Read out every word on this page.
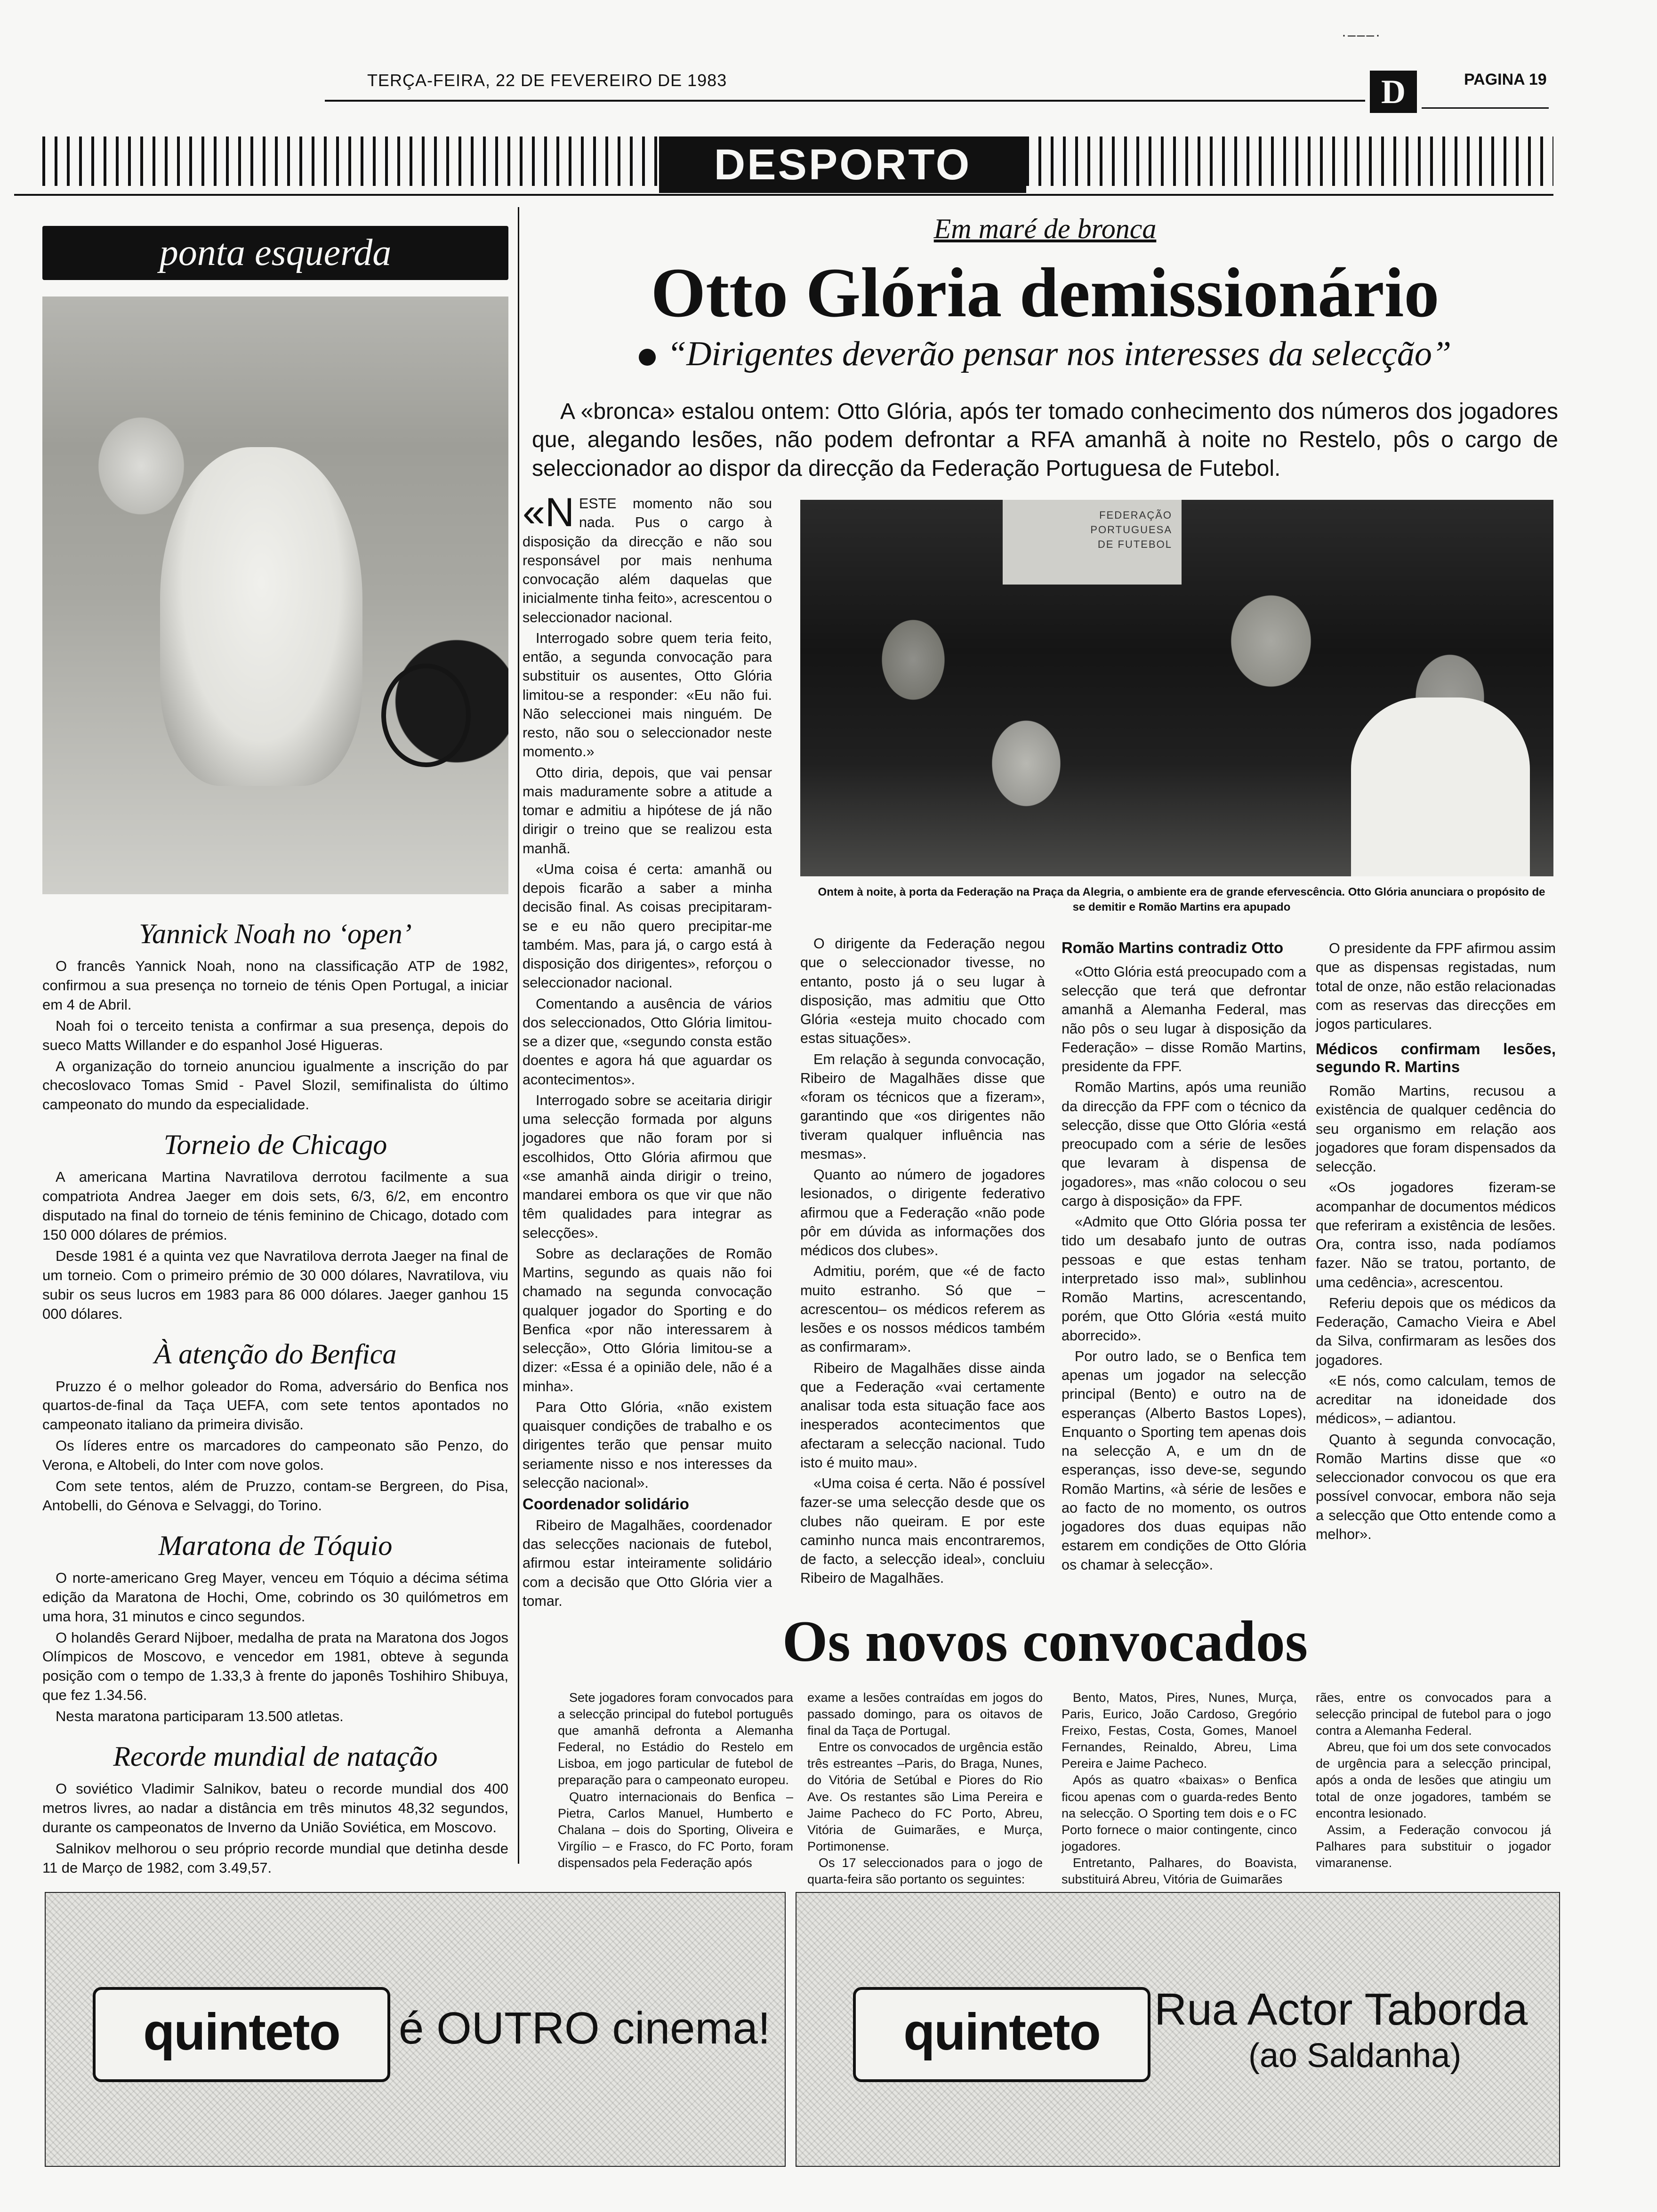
·‒‒‒·
TERÇA-FEIRA, 22 DE FEVEREIRO DE 1983	D	PAGINA 19
DESPORTO
ponta esquerda
Yannick Noah no ‘open’

O francês Yannick Noah, nono na classificação ATP de 1982, confirmou a sua presença no torneio de ténis Open Portugal, a iniciar em 4 de Abril.

Noah foi o terceito tenista a confirmar a sua presença, depois do sueco Matts Willander e do espanhol José Higueras.

A organização do torneio anunciou igualmente a inscrição do par checoslovaco Tomas Smid - Pavel Slozil, semifinalista do último campeonato do mundo da especialidade.

Torneio de Chicago

A americana Martina Navratilova derrotou facilmente a sua compatriota Andrea Jaeger em dois sets, 6/3, 6/2, em encontro disputado na final do torneio de ténis feminino de Chicago, dotado com 150 000 dólares de prémios.

Desde 1981 é a quinta vez que Navratilova derrota Jaeger na final de um torneio. Com o primeiro prémio de 30 000 dólares, Navratilova, viu subir os seus lucros em 1983 para 86 000 dólares. Jaeger ganhou 15 000 dólares.

À atenção do Benfica

Pruzzo é o melhor goleador do Roma, adversário do Benfica nos quartos-de-final da Taça UEFA, com sete tentos apontados no campeonato italiano da primeira divisão.

Os líderes entre os marcadores do campeonato são Penzo, do Verona, e Altobeli, do Inter com nove golos.

Com sete tentos, além de Pruzzo, contam-se Bergreen, do Pisa, Antobelli, do Génova e Selvaggi, do Torino.

Maratona de Tóquio

O norte-americano Greg Mayer, venceu em Tóquio a décima sétima edição da Maratona de Hochi, Ome, cobrindo os 30 quilómetros em uma hora, 31 minutos e cinco segundos.

O holandês Gerard Nijboer, medalha de prata na Maratona dos Jogos Olímpicos de Moscovo, e vencedor em 1981, obteve à segunda posição com o tempo de 1.33,3 à frente do japonês Toshihiro Shibuya, que fez 1.34.56.

Nesta maratona participaram 13.500 atletas.

Recorde mundial de natação

O soviético Vladimir Salnikov, bateu o recorde mundial dos 400 metros livres, ao nadar a distância em três minutos 48,32 segundos, durante os campeonatos de Inverno da União Soviética, em Moscovo.

Salnikov melhorou o seu próprio recorde mundial que detinha desde 11 de Março de 1982, com 3.49,57.

Em maré de bronca
Otto Glória demissionário
“Dirigentes deverão pensar nos interesses da selecção”
A «bronca» estalou ontem: Otto Glória, após ter tomado conhecimento dos números dos jogadores que, alegando lesões, não podem defrontar a RFA amanhã à noite no Restelo, pôs o cargo de seleccionador ao dispor da direcção da Federação Portuguesa de Futebol.
«N ESTE momento não sou nada. Pus o cargo à disposição da direcção e não sou responsável por mais nenhuma convocação além daquelas que inicialmente tinha feito», acrescentou o seleccionador nacional.

Interrogado sobre quem teria feito, então, a segunda convocação para substituir os ausentes, Otto Glória limitou-se a responder: «Eu não fui. Não seleccionei mais ninguém. De resto, não sou o seleccionador neste momento.»

Otto diria, depois, que vai pensar mais maduramente sobre a atitude a tomar e admitiu a hipótese de já não dirigir o treino que se realizou esta manhã.

«Uma coisa é certa: amanhã ou depois ficarão a saber a minha decisão final. As coisas precipitaram-se e eu não quero precipitar-me também. Mas, para já, o cargo está à disposição dos dirigentes», reforçou o seleccionador nacional.

Comentando a ausência de vários dos seleccionados, Otto Glória limitou-se a dizer que, «segundo consta estão doentes e agora há que aguardar os acontecimentos».

Interrogado sobre se aceitaria dirigir uma selecção formada por alguns jogadores que não foram por si escolhidos, Otto Glória afirmou que «se amanhã ainda dirigir o treino, mandarei embora os que vir que não têm qualidades para integrar as selecções».

Sobre as declarações de Romão Martins, segundo as quais não foi chamado na segunda convocação qualquer jogador do Sporting e do Benfica «por não interessarem à selecção», Otto Glória limitou-se a dizer: «Essa é a opinião dele, não é a minha».

Para Otto Glória, «não existem quaisquer condições de trabalho e os dirigentes terão que pensar muito seriamente nisso e nos interesses da selecção nacional».

Coordenador solidário

Ribeiro de Magalhães, coordenador das selecções nacionais de futebol, afirmou estar inteiramente solidário com a decisão que Otto Glória vier a tomar.

FEDERAÇÃO
PORTUGUESA
DE FUTEBOL
Ontem à noite, à porta da Federação na Praça da Alegria, o ambiente era de grande efervescência. Otto Glória anunciara o propósito de se demitir e Romão Martins era apupado

O dirigente da Federação negou que o seleccionador tivesse, no entanto, posto já o seu lugar à disposição, mas admitiu que Otto Glória «esteja muito chocado com estas situações».

Em relação à segunda convocação, Ribeiro de Magalhães disse que «foram os técnicos que a fizeram», garantindo que «os dirigentes não tiveram qualquer influência nas mesmas».

Quanto ao número de jogadores lesionados, o dirigente federativo afirmou que a Federação «não pode pôr em dúvida as informações dos médicos dos clubes».

Admitiu, porém, que «é de facto muito estranho. Só que – acrescentou– os médicos referem as lesões e os nossos médicos também as confirmaram».

Ribeiro de Magalhães disse ainda que a Federação «vai certamente analisar toda esta situação face aos inesperados acontecimentos que afectaram a selecção nacional. Tudo isto é muito mau».

«Uma coisa é certa. Não é possível fazer-se uma selecção desde que os clubes não queiram. E por este caminho nunca mais encontraremos, de facto, a selecção ideal», concluiu Ribeiro de Magalhães.

Romão Martins contradiz Otto

«Otto Glória está preocupado com a selecção que terá que defrontar amanhã a Alemanha Federal, mas não pôs o seu lugar à disposição da Federação» – disse Romão Martins, presidente da FPF.

Romão Martins, após uma reunião da direcção da FPF com o técnico da selecção, disse que Otto Glória «está preocupado com a série de lesões que levaram à dispensa de jogadores», mas «não colocou o seu cargo à disposição» da FPF.

«Admito que Otto Glória possa ter tido um desabafo junto de outras pessoas e que estas tenham interpretado isso mal», sublinhou Romão Martins, acrescentando, porém, que Otto Glória «está muito aborrecido».

Por outro lado, se o Benfica tem apenas um jogador na selecção principal (Bento) e outro na de esperanças (Alberto Bastos Lopes), Enquanto o Sporting tem apenas dois na selecção A, e um dn de esperanças, isso deve-se, segundo Romão Martins, «à série de lesões e ao facto de no momento, os outros jogadores dos duas equipas não estarem em condições de Otto Glória os chamar à selecção».

O presidente da FPF afirmou assim que as dispensas registadas, num total de onze, não estão relacionadas com as reservas das direcções em jogos particulares.

Médicos confirmam lesões, segundo R. Martins

Romão Martins, recusou a existência de qualquer cedência do seu organismo em relação aos jogadores que foram dispensados da selecção.

«Os jogadores fizeram-se acompanhar de documentos médicos que referiram a existência de lesões. Ora, contra isso, nada podíamos fazer. Não se tratou, portanto, de uma cedência», acrescentou.

Referiu depois que os médicos da Federação, Camacho Vieira e Abel da Silva, confirmaram as lesões dos jogadores.

«E nós, como calculam, temos de acreditar na idoneidade dos médicos», – adiantou.

Quanto à segunda convocação, Romão Martins disse que «o seleccionador convocou os que era possível convocar, embora não seja a selecção que Otto entende como a melhor».

Os novos convocados

Sete jogadores foram convocados para a selecção principal do futebol português que amanhã defronta a Alemanha Federal, no Estádio do Restelo em Lisboa, em jogo particular de futebol de preparação para o campeonato europeu.

Quatro internacionais do Benfica – Pietra, Carlos Manuel, Humberto e Chalana – dois do Sporting, Oliveira e Virgílio – e Frasco, do FC Porto, foram dispensados pela Federação após

exame a lesões contraídas em jogos do passado domingo, para os oitavos de final da Taça de Portugal.

Entre os convocados de urgência estão três estreantes –Paris, do Braga, Nunes, do Vitória de Setúbal e Piores do Rio Ave. Os restantes são Lima Pereira e Jaime Pacheco do FC Porto, Abreu, Vitória de Guimarães, e Murça, Portimonense.

Os 17 seleccionados para o jogo de quarta-feira são portanto os seguintes:

Bento, Matos, Pires, Nunes, Murça, Paris, Eurico, João Cardoso, Gregório Freixo, Festas, Costa, Gomes, Manoel Fernandes, Reinaldo, Abreu, Lima Pereira e Jaime Pacheco.

Após as quatro «baixas» o Benfica ficou apenas com o guarda-redes Bento na selecção. O Sporting tem dois e o FC Porto fornece o maior contingente, cinco jogadores.

Entretanto, Palhares, do Boavista, substituirá Abreu, Vitória de Guimarães

rães, entre os convocados para a selecção principal de futebol para o jogo contra a Alemanha Federal.

Abreu, que foi um dos sete convocados de urgência para a selecção principal, após a onda de lesões que atingiu um total de onze jogadores, também se encontra lesionado.

Assim, a Federação convocou já Palhares para substituir o jogador vimaranense.

quinteto	é OUTRO cinema!	quinteto	Rua Actor Taborda
(ao Saldanha)
